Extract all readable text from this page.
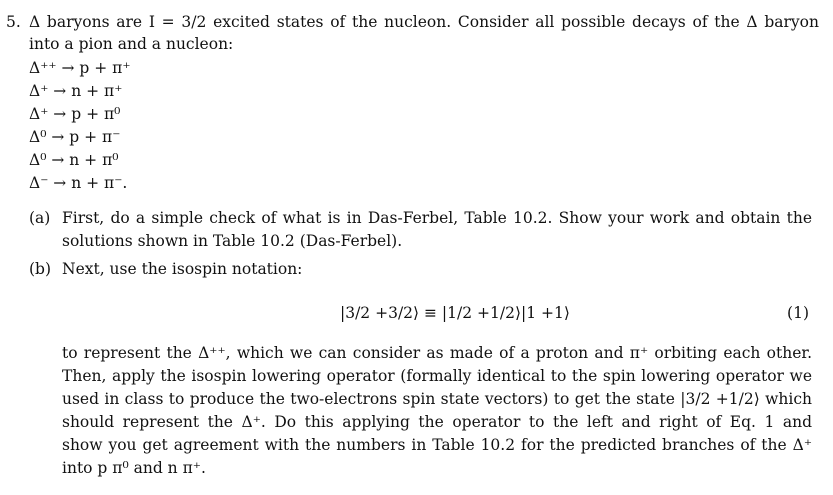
5. Δ baryons are I = 3/2 excited states of the nucleon. Consider all possible decays of the Δ baryon
into a pion and a nucleon:
Δ⁺⁺ → p + π⁺
Δ⁺ → n + π⁺
Δ⁺ → p + π⁰
Δ⁰ → p + π⁻
Δ⁰ → n + π⁰
Δ⁻ → n + π⁻.
(a) First, do a simple check of what is in Das-Ferbel, Table 10.2. Show your work and obtain the
solutions shown in Table 10.2 (Das-Ferbel).
(b) Next, use the isospin notation:
|3/2 +3/2⟩ ≡ |1/2 +1/2⟩|1 +1⟩	(1)
to represent the Δ⁺⁺, which we can consider as made of a proton and π⁺ orbiting each other.
Then, apply the isospin lowering operator (formally identical to the spin lowering operator we
used in class to produce the two-electrons spin state vectors) to get the state |3/2 +1/2⟩ which
should represent the Δ⁺. Do this applying the operator to the left and right of Eq. 1 and
show you get agreement with the numbers in Table 10.2 for the predicted branches of the Δ⁺
into p π⁰ and n π⁺.
